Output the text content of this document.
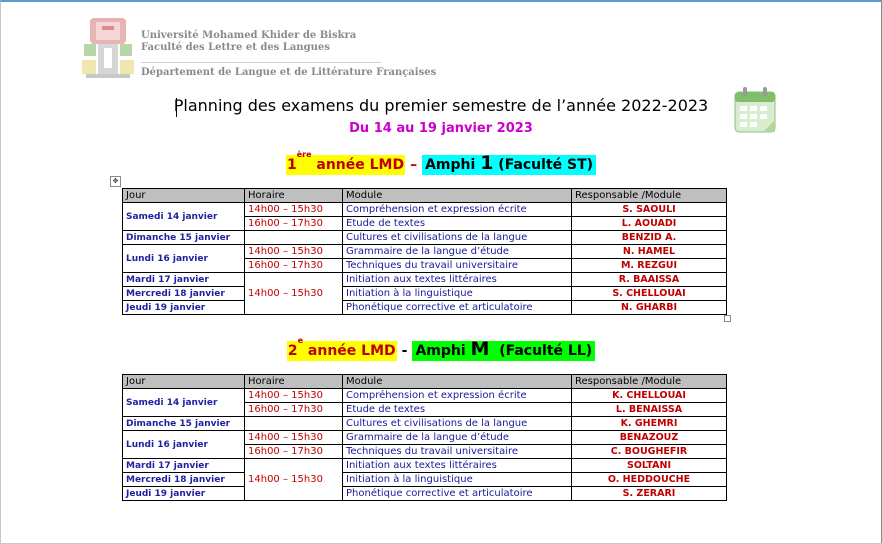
Université Mohamed Khider de Biskra
Faculté des Lettre et des Langues
Département de Langue et de Littérature Françaises
Planning des examens du premier semestre de l’année 2022-2023
Du 14 au 19 janvier 2023
1ère année LMD – Amphi 1 (Faculté ST)
✥
Jour	Horaire	Module	Responsable /Module
Samedi 14 janvier	14h00 – 15h30	Compréhension et expression écrite	S. SAOULI
	16h00 – 17h30	Etude de textes	L. AOUADI
Dimanche 15 janvier		Cultures et civilisations de la langue	BENZID A.
Lundi 16 janvier	14h00 – 15h30	Grammaire de la langue d’étude	N. HAMEL
	16h00 – 17h30	Techniques du travail universitaire	M. REZGUI
Mardi 17 janvier	14h00 – 15h30	Initiation aux textes littéraires	R. BAAISSA
Mercredi 18 janvier		Initiation à la linguistique	S. CHELLOUAI
Jeudi 19 janvier		Phonétique corrective et articulatoire	N. GHARBI
2e année LMD - Amphi M  (Faculté LL)
Jour	Horaire	Module	Responsable /Module
Samedi 14 janvier	14h00 – 15h30	Compréhension et expression écrite	K. CHELLOUAI
	16h00 – 17h30	Etude de textes	L. BENAISSA
Dimanche 15 janvier		Cultures et civilisations de la langue	K. GHEMRI
Lundi 16 janvier	14h00 – 15h30	Grammaire de la langue d’étude	BENAZOUZ
	16h00 – 17h30	Techniques du travail universitaire	C. BOUGHEFIR
Mardi 17 janvier	14h00 – 15h30	Initiation aux textes littéraires	SOLTANI
Mercredi 18 janvier		Initiation à la linguistique	O. HEDDOUCHE
Jeudi 19 janvier		Phonétique corrective et articulatoire	S. ZERARI
